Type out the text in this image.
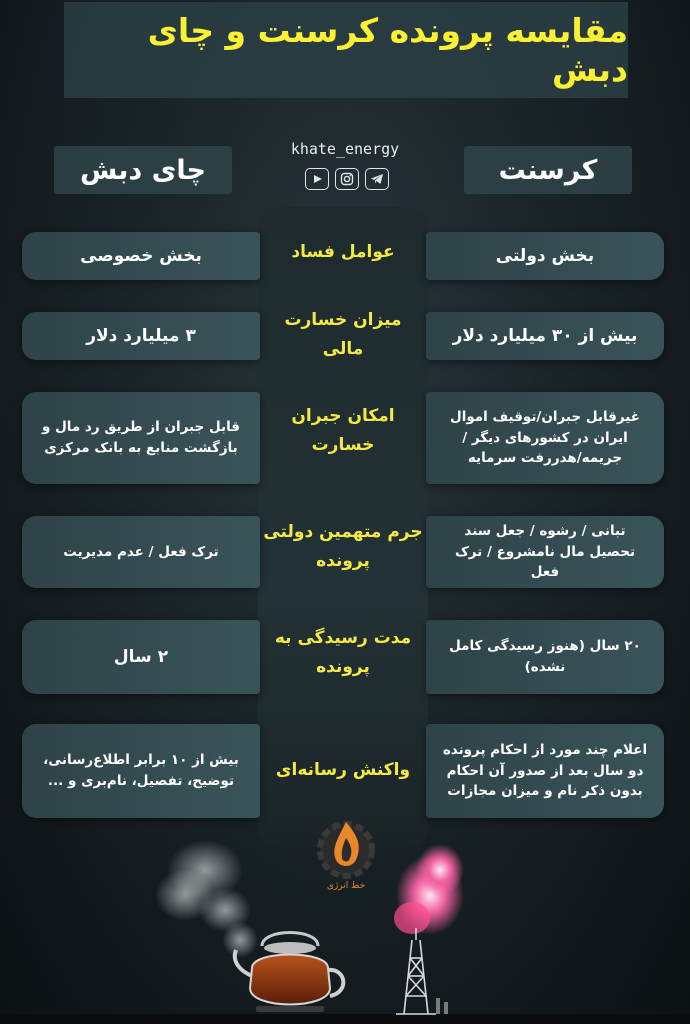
مقایسه پرونده کرسنت و چای دبش
کرسنت
چای دبش
khate_energy
بخش دولتی
بخش خصوصی	عوامل فساد
بیش از ۳۰ میلیارد دلار
۳ میلیارد دلار
میزان خسارت مالی
غیرقابل جبران/توقیف اموال ایران در کشورهای دیگر / جریمه/هدررفت سرمایه
قابل جبران از طریق رد مال و بازگشت منابع به بانک مرکزی
امکان جبران خسارت
تبانی / رشوه / جعل سند تحصیل مال نامشروع / ترک فعل
ترک فعل / عدم مدیریت
جرم متهمین دولتی پرونده
۲۰ سال (هنوز رسیدگی کامل نشده)
۲ سال
مدت رسیدگی به پرونده
اعلام چند مورد از احکام پرونده دو سال بعد از صدور آن احکام بدون ذکر نام و میزان مجازات
بیش از ۱۰ برابر اطلاع‌رسانی، توضیح، تفصیل، نام‌بری و ...
واکنش رسانه‌ای
خط انرژی
